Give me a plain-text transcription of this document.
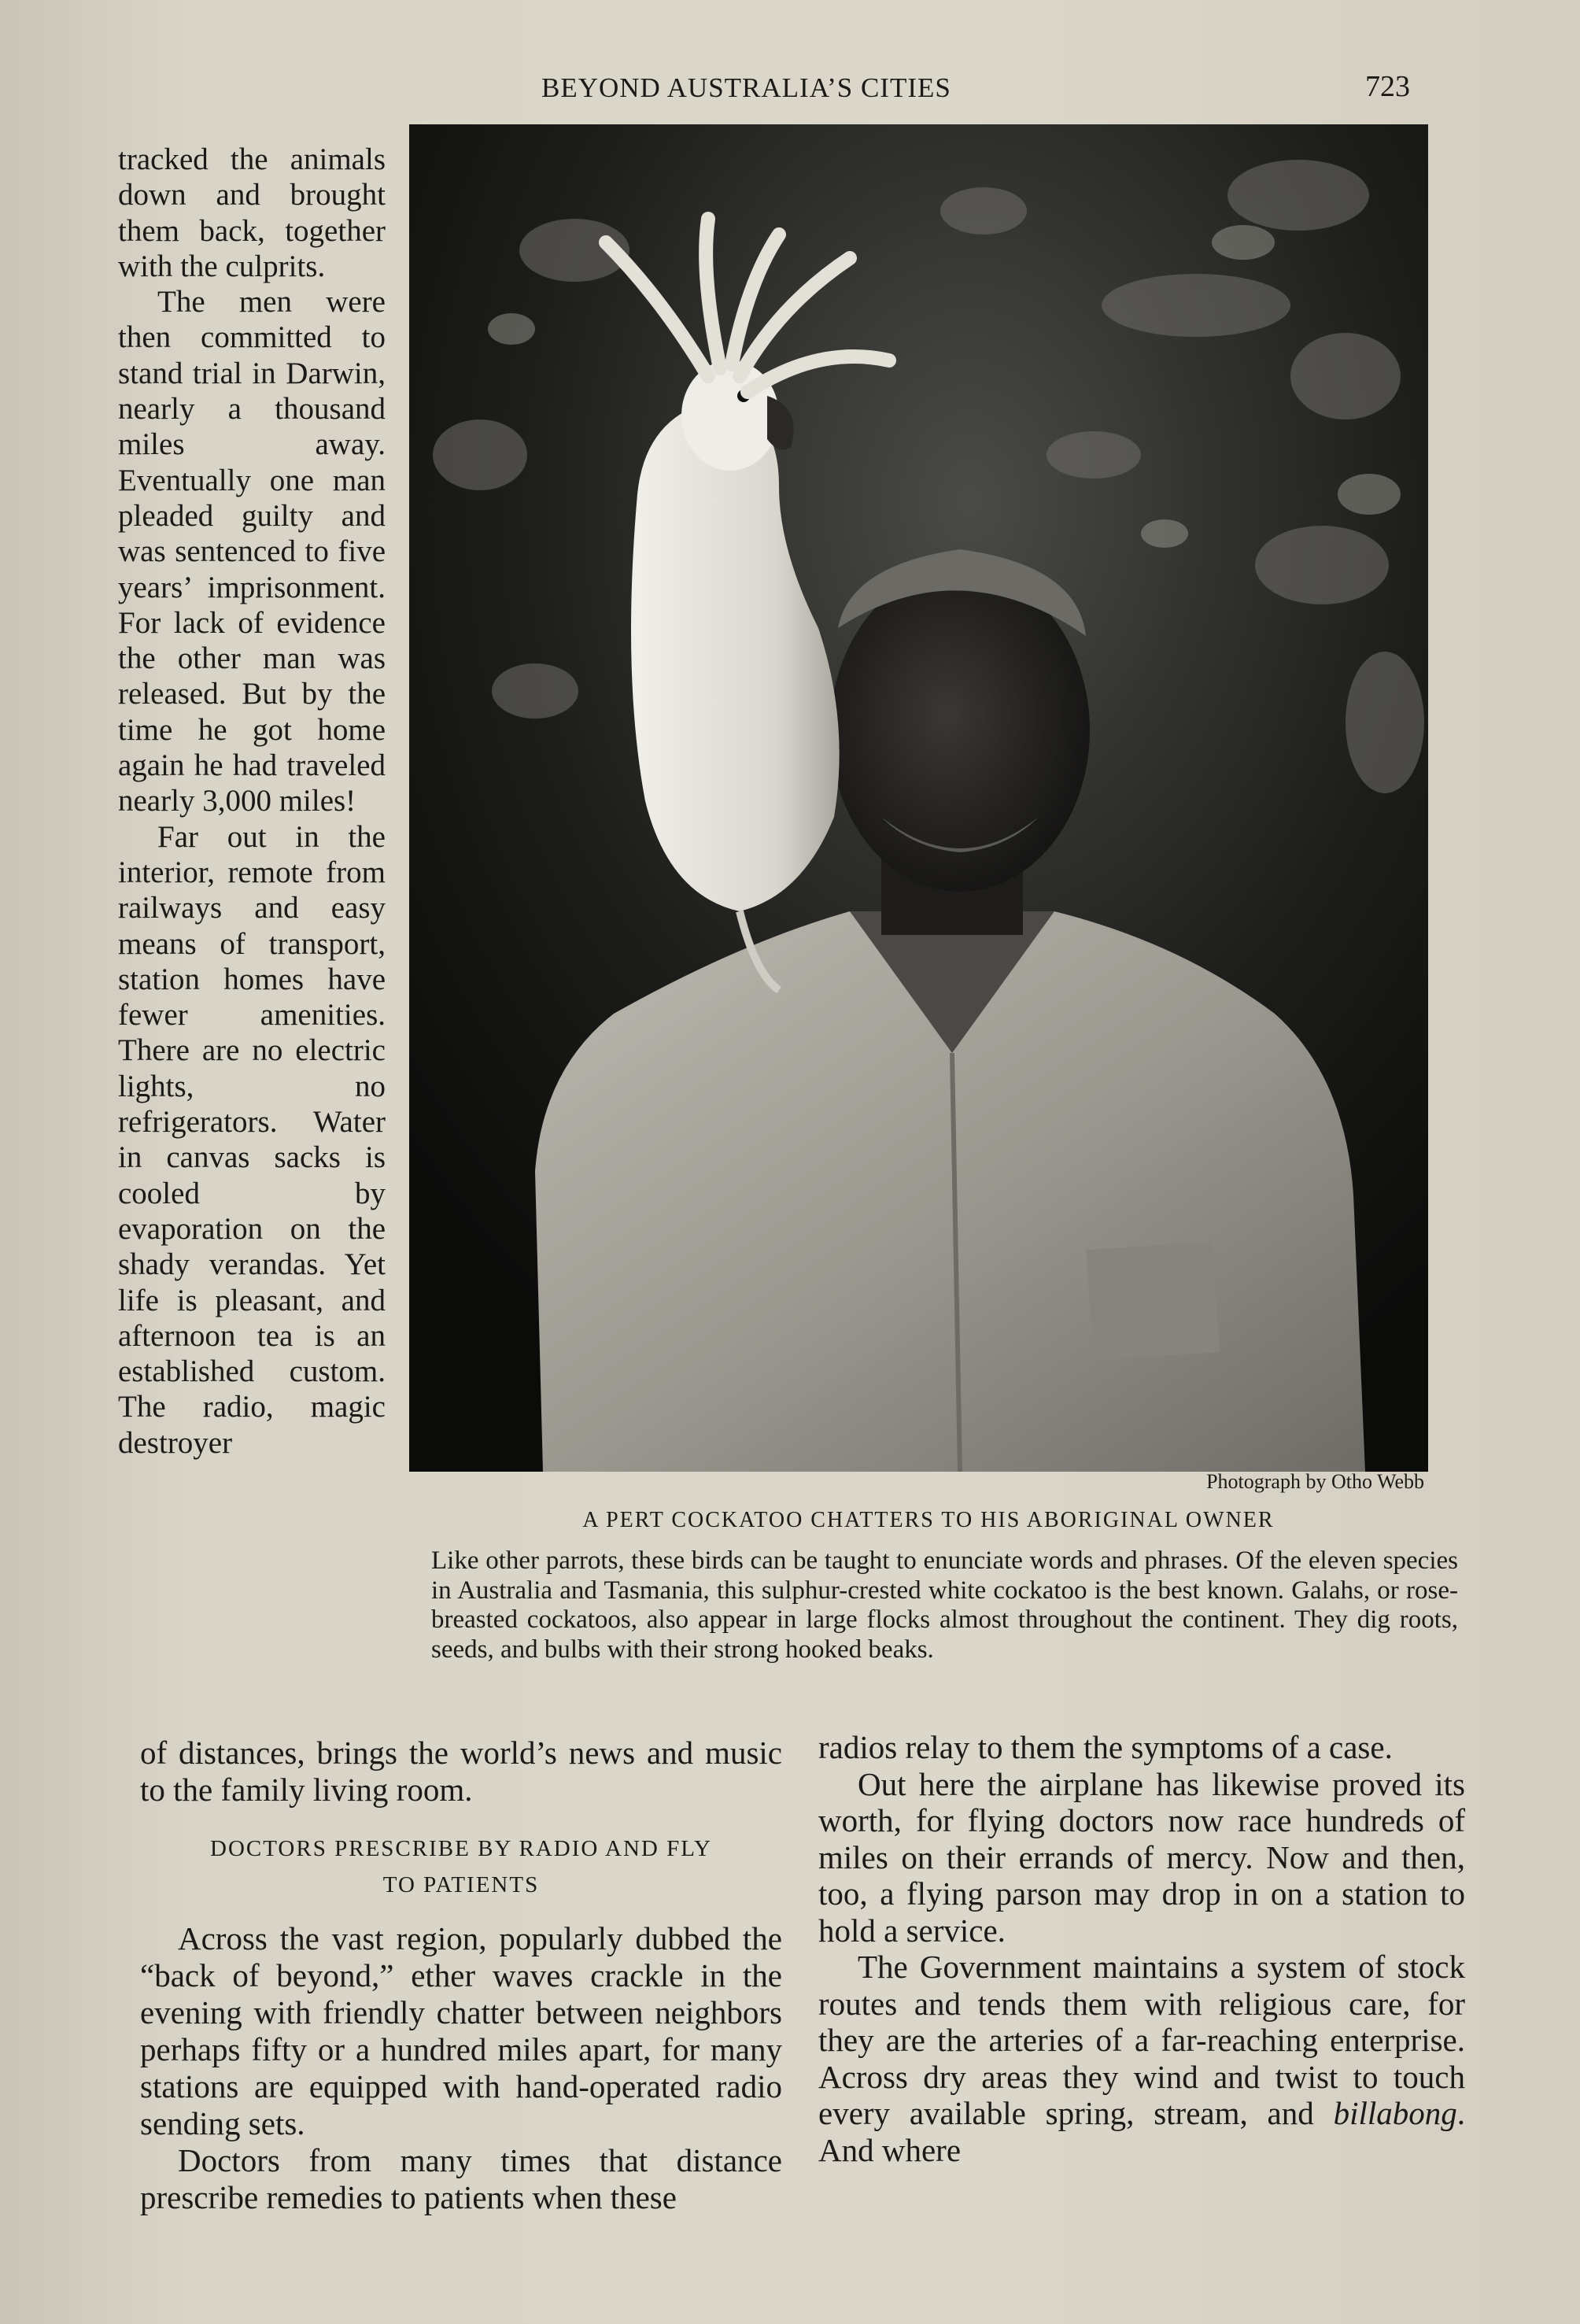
BEYOND AUSTRALIA’S CITIES	723

tracked the animals down and brought them back, together with the culprits.

The men were then committed to stand trial in Darwin, nearly a thousand miles away. Eventually one man pleaded guilty and was sentenced to five years’ imprisonment. For lack of evidence the other man was released. But by the time he got home again he had traveled nearly 3,000 miles!

Far out in the interior, remote from railways and easy means of transport, station homes have fewer amenities. There are no electric lights, no refrigerators. Water in canvas sacks is cooled by evaporation on the shady verandas. Yet life is pleasant, and afternoon tea is an established custom. The radio, magic destroyer

Photograph by Otho Webb
A PERT COCKATOO CHATTERS TO HIS ABORIGINAL OWNER
Like other parrots, these birds can be taught to enunciate words and phrases. Of the eleven species in Australia and Tasmania, this sulphur-crested white cockatoo is the best known. Galahs, or rose-breasted cockatoos, also appear in large flocks almost throughout the continent. They dig roots, seeds, and bulbs with their strong hooked beaks.

of distances, brings the world’s news and music to the family living room.

DOCTORS PRESCRIBE BY RADIO AND FLY
TO PATIENTS

Across the vast region, popularly dubbed the “back of beyond,” ether waves crackle in the evening with friendly chatter between neighbors perhaps fifty or a hundred miles apart, for many stations are equipped with hand-operated radio sending sets.

Doctors from many times that distance prescribe remedies to patients when these

radios relay to them the symptoms of a case.

Out here the airplane has likewise proved its worth, for flying doctors now race hundreds of miles on their errands of mercy. Now and then, too, a flying parson may drop in on a station to hold a service.

The Government maintains a system of stock routes and tends them with religious care, for they are the arteries of a far-reaching enterprise. Across dry areas they wind and twist to touch every available spring, stream, and billabong. And where
